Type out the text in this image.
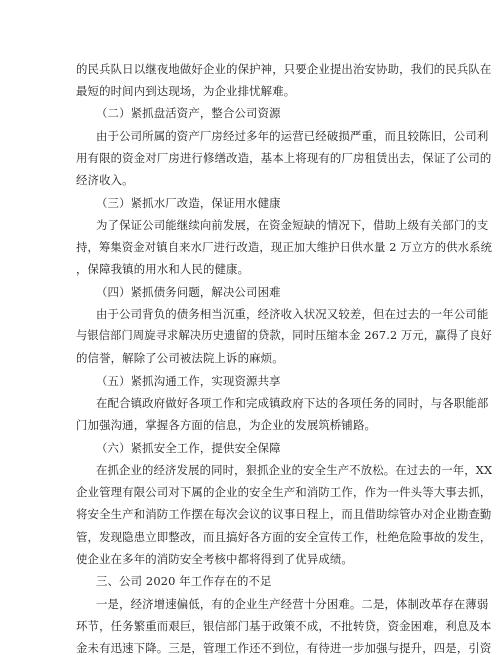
的民兵队日以继夜地做好企业的保护神，只要企业提出治安协助，我们的民兵队在
最短的时间内到达现场，为企业排忧解难。
（二）紧抓盘活资产，整合公司资源
由于公司所属的资产厂房经过多年的运营已经破损严重，而且较陈旧，公司利
用有限的资金对厂房进行修缮改造，基本上将现有的厂房租赁出去，保证了公司的
经济收入。
（三）紧抓水厂改造，保证用水健康
为了保证公司能继续向前发展，在资金短缺的情况下，借助上级有关部门的支
持，筹集资金对镇自来水厂进行改造，现正加大维护日供水量 2 万立方的供水系统
，保障我镇的用水和人民的健康。
（四）紧抓债务问题，解决公司困难
由于公司背负的债务相当沉重，经济收入状况又较差，但在过去的一年公司能
与银信部门周旋寻求解决历史遗留的贷款，同时压缩本金 267.2 万元，赢得了良好
的信誉，解除了公司被法院上诉的麻烦。
（五）紧抓沟通工作，实现资源共享
在配合镇政府做好各项工作和完成镇政府下达的各项任务的同时，与各职能部
门加强沟通，掌握各方面的信息，为企业的发展筑桥铺路。
（六）紧抓安全工作，提供安全保障
在抓企业的经济发展的同时，狠抓企业的安全生产不放松。在过去的一年，XX
企业管理有限公司对下属的企业的安全生产和消防工作，作为一件头等大事去抓，
将安全生产和消防工作摆在每次会议的议事日程上，而且借助综管办对企业勘查勤
管，发现隐患立即整改，而且搞好各方面的安全宣传工作，杜绝危险事故的发生，
使企业在多年的消防安全考核中都将得到了优异成绩。
三、公司 2020 年工作存在的不足
一是，经济增速偏低，有的企业生产经营十分困难。二是，体制改革存在薄弱
环节，任务繁重而艰巨，银信部门基于政策不成，不批转贷，资金困难，利息及本
金未有迅速下降。三是，管理工作还不到位，有待进一步加强与提升，四是，引资
